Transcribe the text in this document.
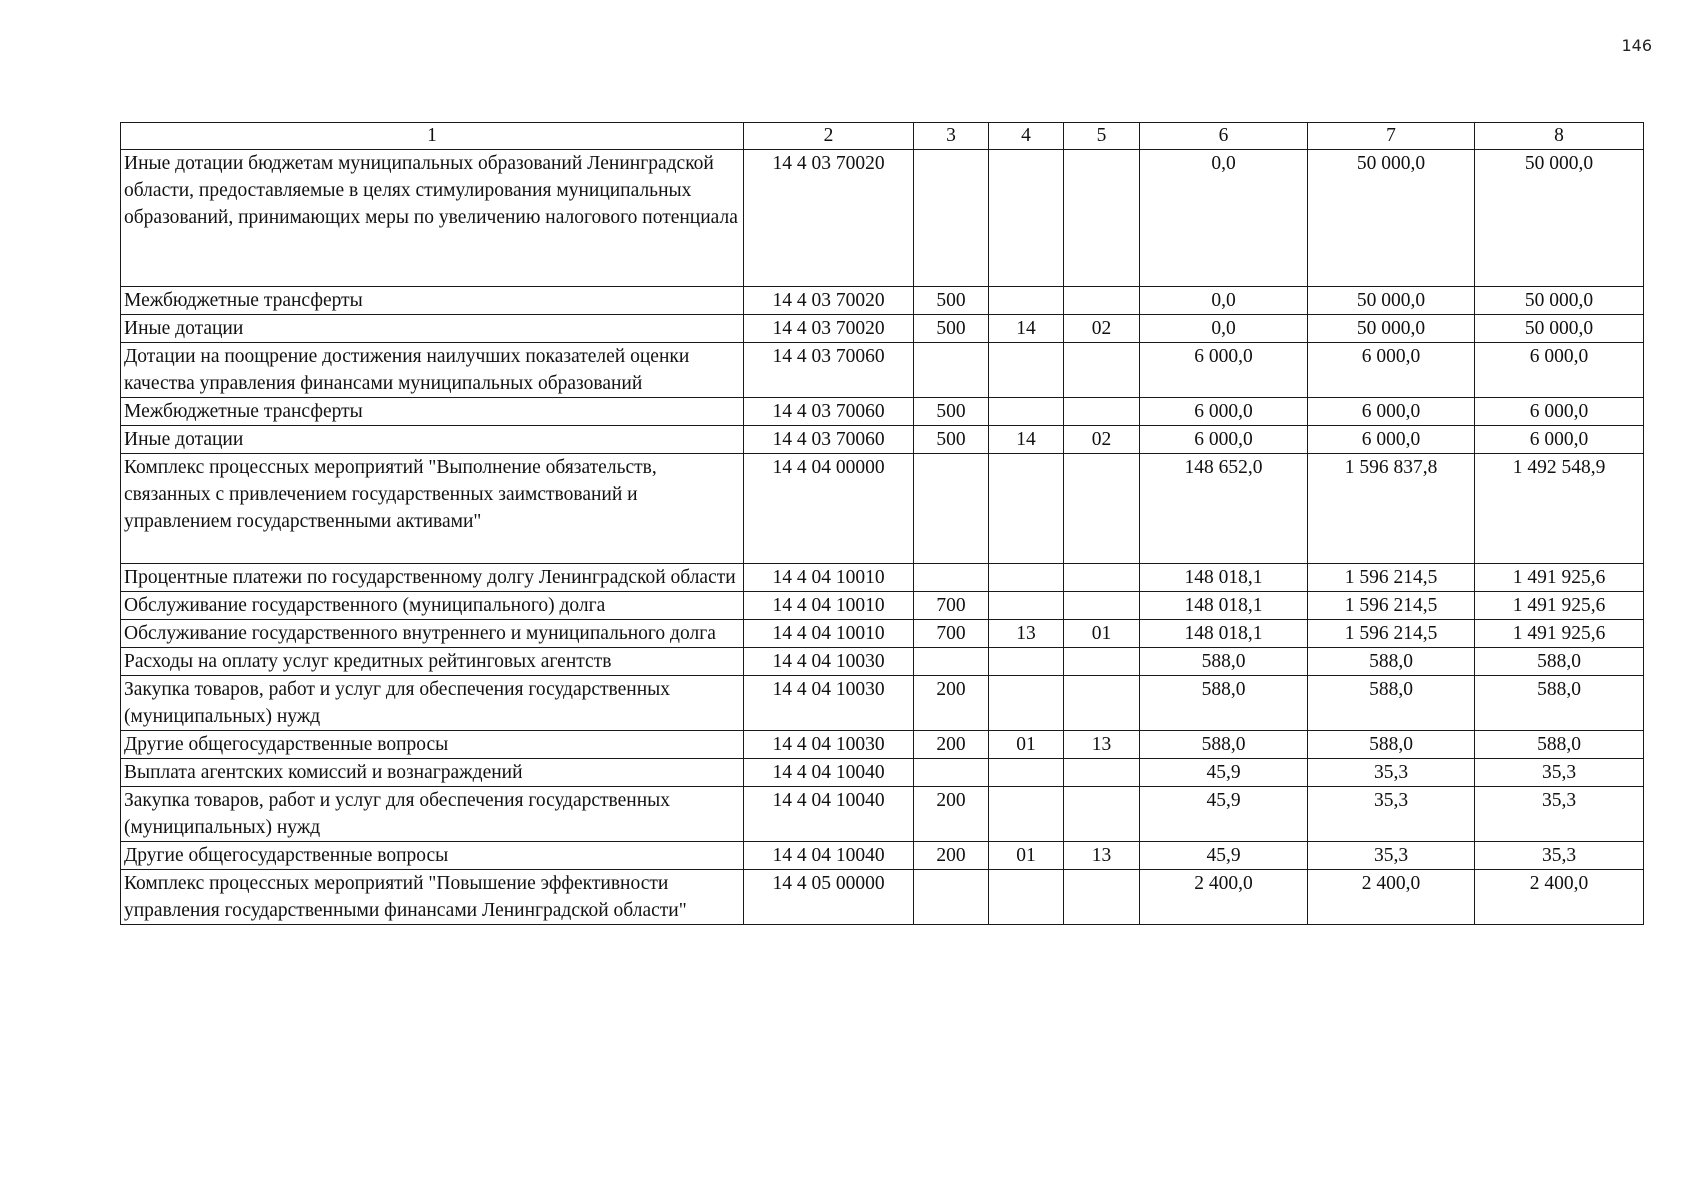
146
1	2	3	4	5	6	7	8
Иные дотации бюджетам муниципальных образований Ленинградской области, предоставляемые в целях стимулирования муниципальных образований, принимающих меры по увеличению налогового потенциала	14 4 03 70020				0,0	50 000,0	50 000,0
Межбюджетные трансферты	14 4 03 70020	500			0,0	50 000,0	50 000,0
Иные дотации	14 4 03 70020	500	14	02	0,0	50 000,0	50 000,0
Дотации на поощрение достижения наилучших показателей оценки качества управления финансами муниципальных образований	14 4 03 70060				6 000,0	6 000,0	6 000,0
Межбюджетные трансферты	14 4 03 70060	500			6 000,0	6 000,0	6 000,0
Иные дотации	14 4 03 70060	500	14	02	6 000,0	6 000,0	6 000,0
Комплекс процессных мероприятий "Выполнение обязательств, связанных с привлечением государственных заимствований и управлением государственными активами"	14 4 04 00000				148 652,0	1 596 837,8	1 492 548,9
Процентные платежи по государственному долгу Ленинградской области	14 4 04 10010				148 018,1	1 596 214,5	1 491 925,6
Обслуживание государственного (муниципального) долга	14 4 04 10010	700			148 018,1	1 596 214,5	1 491 925,6
Обслуживание государственного внутреннего и муниципального долга	14 4 04 10010	700	13	01	148 018,1	1 596 214,5	1 491 925,6
Расходы на оплату услуг кредитных рейтинговых агентств	14 4 04 10030				588,0	588,0	588,0
Закупка товаров, работ и услуг для обеспечения государственных (муниципальных) нужд	14 4 04 10030	200			588,0	588,0	588,0
Другие общегосударственные вопросы	14 4 04 10030	200	01	13	588,0	588,0	588,0
Выплата агентских комиссий и вознаграждений	14 4 04 10040				45,9	35,3	35,3
Закупка товаров, работ и услуг для обеспечения государственных (муниципальных) нужд	14 4 04 10040	200			45,9	35,3	35,3
Другие общегосударственные вопросы	14 4 04 10040	200	01	13	45,9	35,3	35,3
Комплекс процессных мероприятий "Повышение эффективности управления государственными финансами Ленинградской области"	14 4 05 00000				2 400,0	2 400,0	2 400,0
